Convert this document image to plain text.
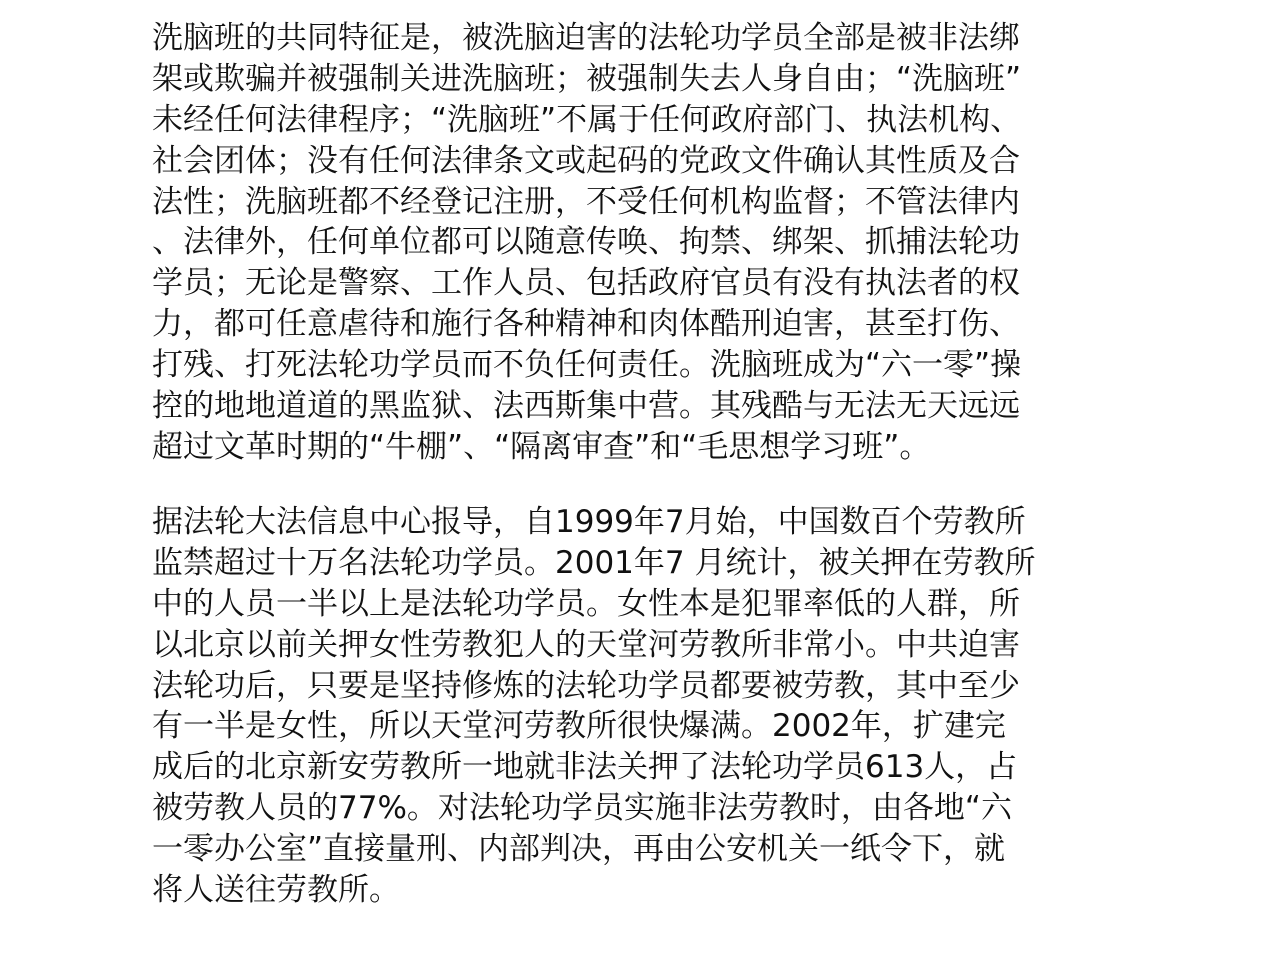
洗脑班的共同特征是，被洗脑迫害的法轮功学员全部是被非法绑
架或欺骗并被强制关进洗脑班；被强制失去人身自由；“洗脑班”
未经任何法律程序；“洗脑班”不属于任何政府部门、执法机构、
社会团体；没有任何法律条文或起码的党政文件确认其性质及合
法性；洗脑班都不经登记注册，不受任何机构监督；不管法律内
、法律外，任何单位都可以随意传唤、拘禁、绑架、抓捕法轮功
学员；无论是警察、工作人员、包括政府官员有没有执法者的权
力，都可任意虐待和施行各种精神和肉体酷刑迫害，甚至打伤、
打残、打死法轮功学员而不负任何责任。洗脑班成为“六一零”操
控的地地道道的黑监狱、法西斯集中营。其残酷与无法无天远远
超过文革时期的“牛棚”、“隔离审查”和“毛思想学习班”。
据法轮大法信息中心报导，自1999年7月始，中国数百个劳教所
监禁超过十万名法轮功学员。2001年7 月统计，被关押在劳教所
中的人员一半以上是法轮功学员。女性本是犯罪率低的人群，所
以北京以前关押女性劳教犯人的天堂河劳教所非常小。中共迫害
法轮功后，只要是坚持修炼的法轮功学员都要被劳教，其中至少
有一半是女性，所以天堂河劳教所很快爆满。2002年，扩建完
成后的北京新安劳教所一地就非法关押了法轮功学员613人，占
被劳教人员的77%。对法轮功学员实施非法劳教时，由各地“六
一零办公室”直接量刑、内部判决，再由公安机关一纸令下，就
将人送往劳教所。
